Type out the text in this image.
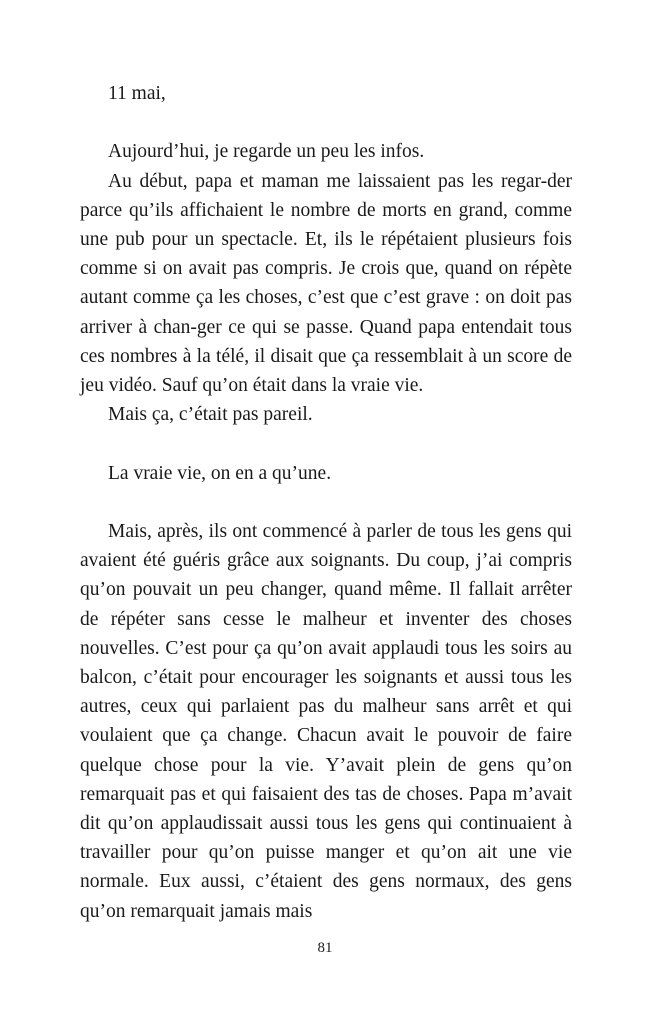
11 mai,

Aujourd’hui, je regarde un peu les infos.

Au début, papa et maman me laissaient pas les regar-der parce qu’ils affichaient le nombre de morts en grand, comme une pub pour un spectacle. Et, ils le répétaient plusieurs fois comme si on avait pas compris. Je crois que, quand on répète autant comme ça les choses, c’est que c’est grave : on doit pas arriver à chan-ger ce qui se passe. Quand papa entendait tous ces nombres à la télé, il disait que ça ressemblait à un score de jeu vidéo. Sauf qu’on était dans la vraie vie.

Mais ça, c’était pas pareil.

La vraie vie, on en a qu’une.

Mais, après, ils ont commencé à parler de tous les gens qui avaient été guéris grâce aux soignants. Du coup, j’ai compris qu’on pouvait un peu changer, quand même. Il fallait arrêter de répéter sans cesse le malheur et inventer des choses nouvelles. C’est pour ça qu’on avait applaudi tous les soirs au balcon, c’était pour encourager les soignants et aussi tous les autres, ceux qui parlaient pas du malheur sans arrêt et qui voulaient que ça change. Chacun avait le pouvoir de faire quelque chose pour la vie. Y’avait plein de gens qu’on remarquait pas et qui faisaient des tas de choses. Papa m’avait dit qu’on applaudissait aussi tous les gens qui continuaient à travailler pour qu’on puisse manger et qu’on ait une vie normale. Eux aussi, c’étaient des gens normaux, des gens qu’on remarquait jamais mais

81
